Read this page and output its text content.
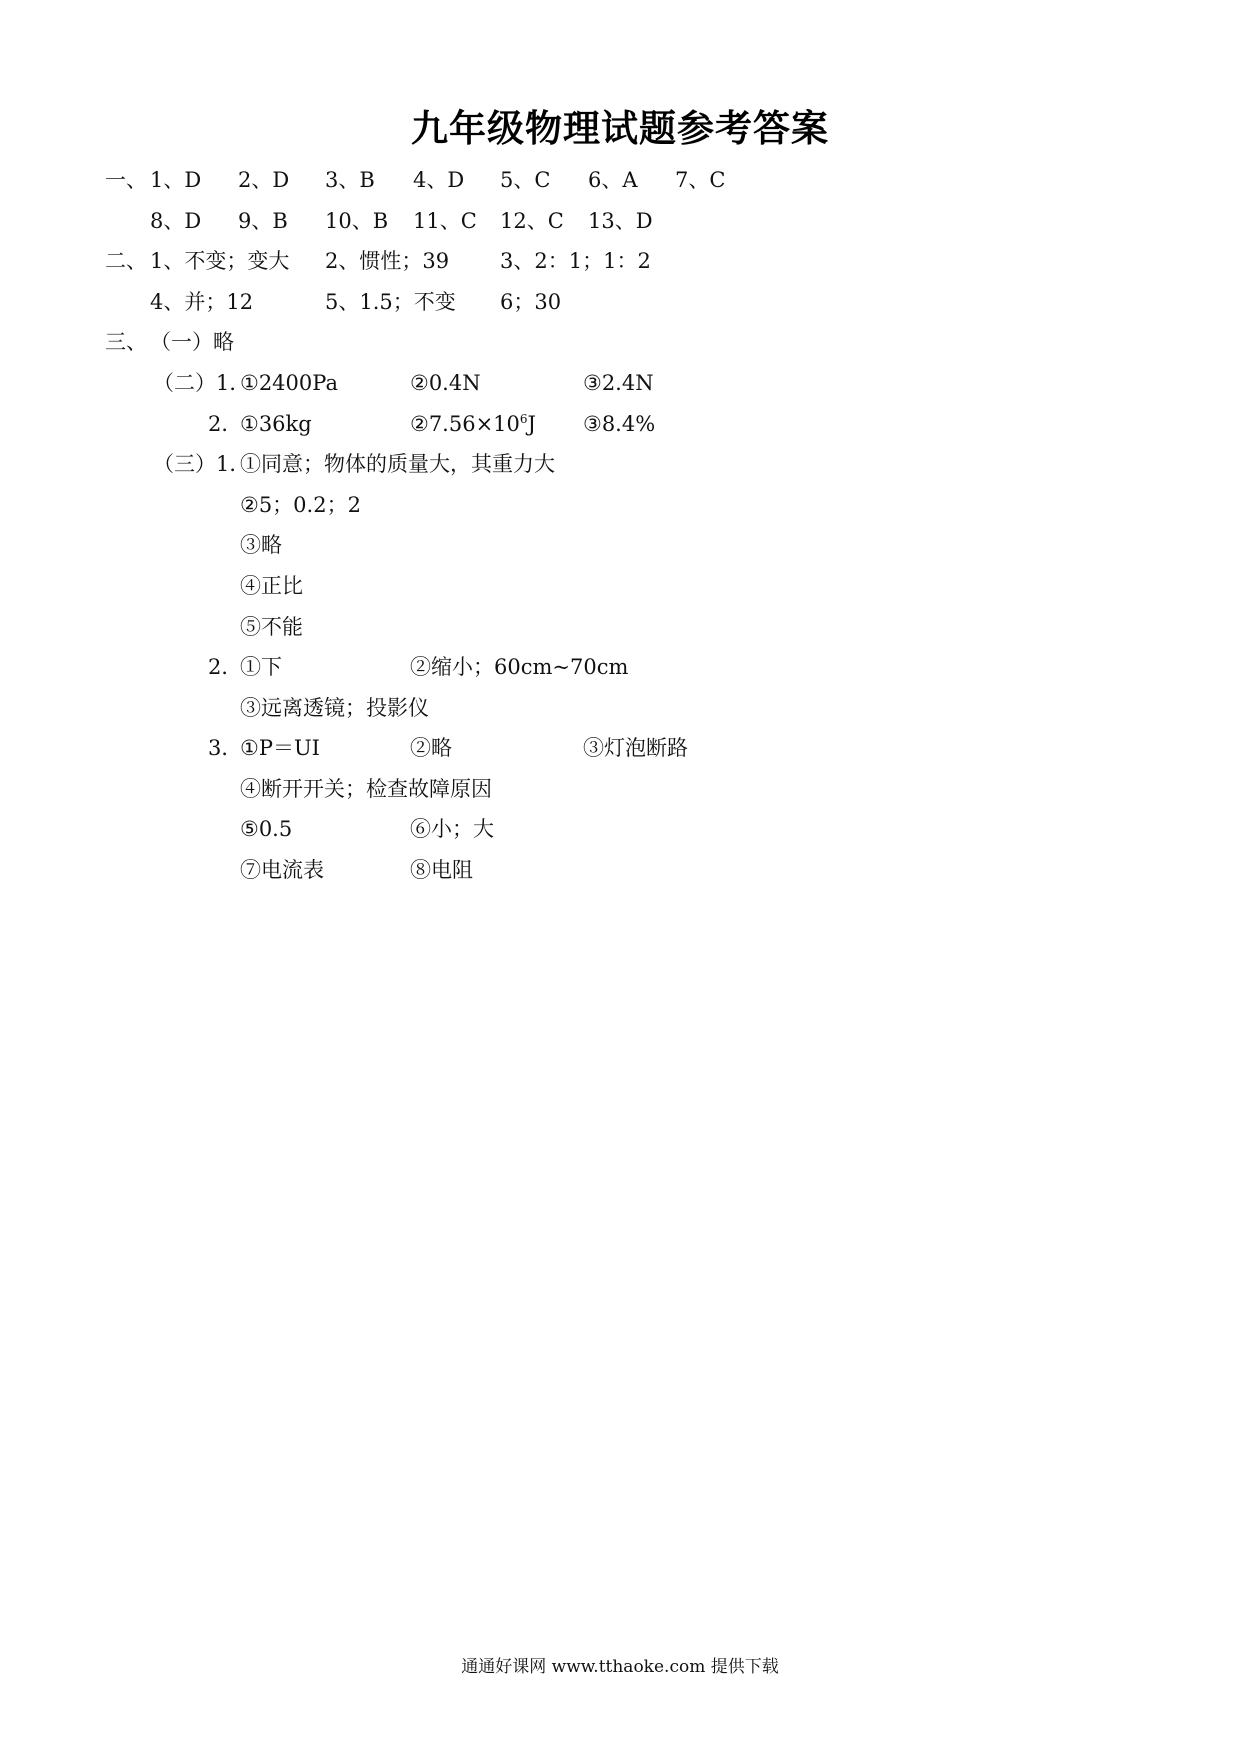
九年级物理试题参考答案
一、 1、D 2、D 3、B 4、D 5、C 6、A 7、C
8、D 9、B 10、B 11、C 12、C 13、D
二、 1、不变；变大 2、惯性；39 3、2：1；1：2
4、并；12	5、1.5；不变 6；30
三、 （一）略
（二）1．
①2400Pa	②0.4N	③2.4N
2．
①36kg	$②7.56\times 10^6J$ ③8.4%
（三）1．
①同意；物体的质量大，其重力大
②5；0.2；2
③略
④正比
⑤不能
2．
①下	②缩小；60cm~70cm
③远离透镜；投影仪
3．
①P＝UI	②略	③灯泡断路
④断开开关；检查故障原因
⑤0.5	⑥小；大
⑦电流表	⑧电阻
通通好课网 www.tthaoke.com 提供下载
